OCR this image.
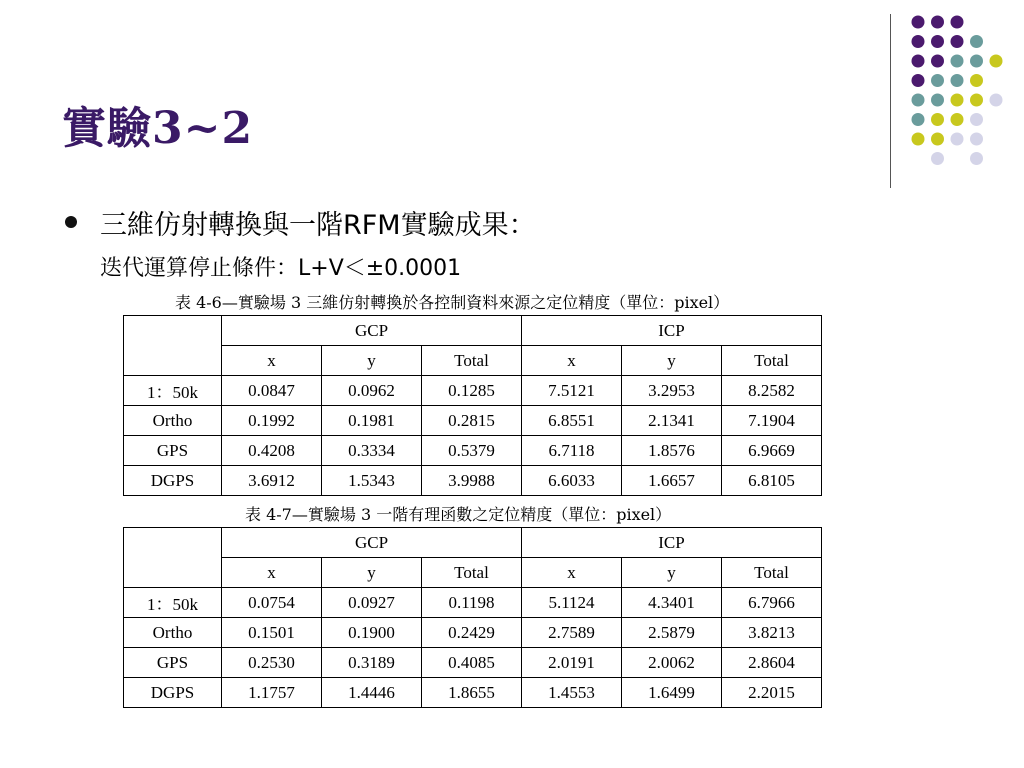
實驗3~2
三維仿射轉換與一階RFM實驗成果：
迭代運算停止條件：L+V＜±0.0001
表 4-6—實驗場 3 三維仿射轉換於各控制資料來源之定位精度（單位：pixel）
	GCP			ICP		
	x	y	Total	x	y	Total
1：50k	0.0847	0.0962	0.1285	7.5121	3.2953	8.2582
Ortho	0.1992	0.1981	0.2815	6.8551	2.1341	7.1904
GPS	0.4208	0.3334	0.5379	6.7118	1.8576	6.9669
DGPS	3.6912	1.5343	3.9988	6.6033	1.6657	6.8105
表 4-7—實驗場 3 一階有理函數之定位精度（單位：pixel）
	GCP			ICP		
	x	y	Total	x	y	Total
1：50k	0.0754	0.0927	0.1198	5.1124	4.3401	6.7966
Ortho	0.1501	0.1900	0.2429	2.7589	2.5879	3.8213
GPS	0.2530	0.3189	0.4085	2.0191	2.0062	2.8604
DGPS	1.1757	1.4446	1.8655	1.4553	1.6499	2.2015
